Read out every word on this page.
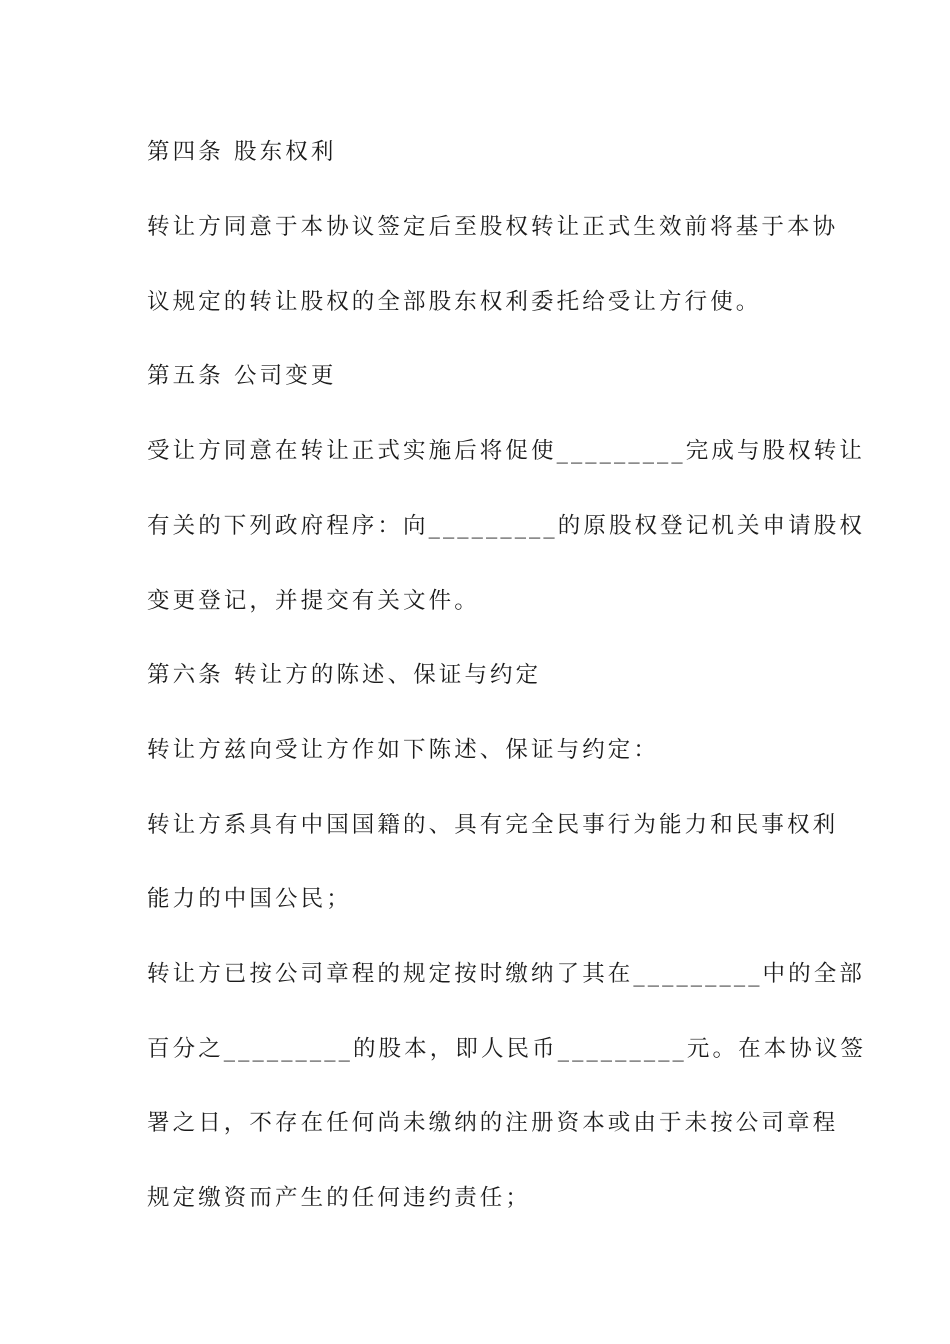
第四条 股东权利
转让方同意于本协议签定后至股权转让正式生效前将基于本协
议规定的转让股权的全部股东权利委托给受让方行使。
第五条 公司变更
受让方同意在转让正式实施后将促使_________完成与股权转让
有关的下列政府程序：向_________的原股权登记机关申请股权
变更登记，并提交有关文件。
第六条 转让方的陈述、保证与约定
转让方兹向受让方作如下陈述、保证与约定：
转让方系具有中国国籍的、具有完全民事行为能力和民事权利
能力的中国公民；
转让方已按公司章程的规定按时缴纳了其在_________中的全部
百分之_________的股本，即人民币_________元。在本协议签
署之日，不存在任何尚未缴纳的注册资本或由于未按公司章程
规定缴资而产生的任何违约责任；
